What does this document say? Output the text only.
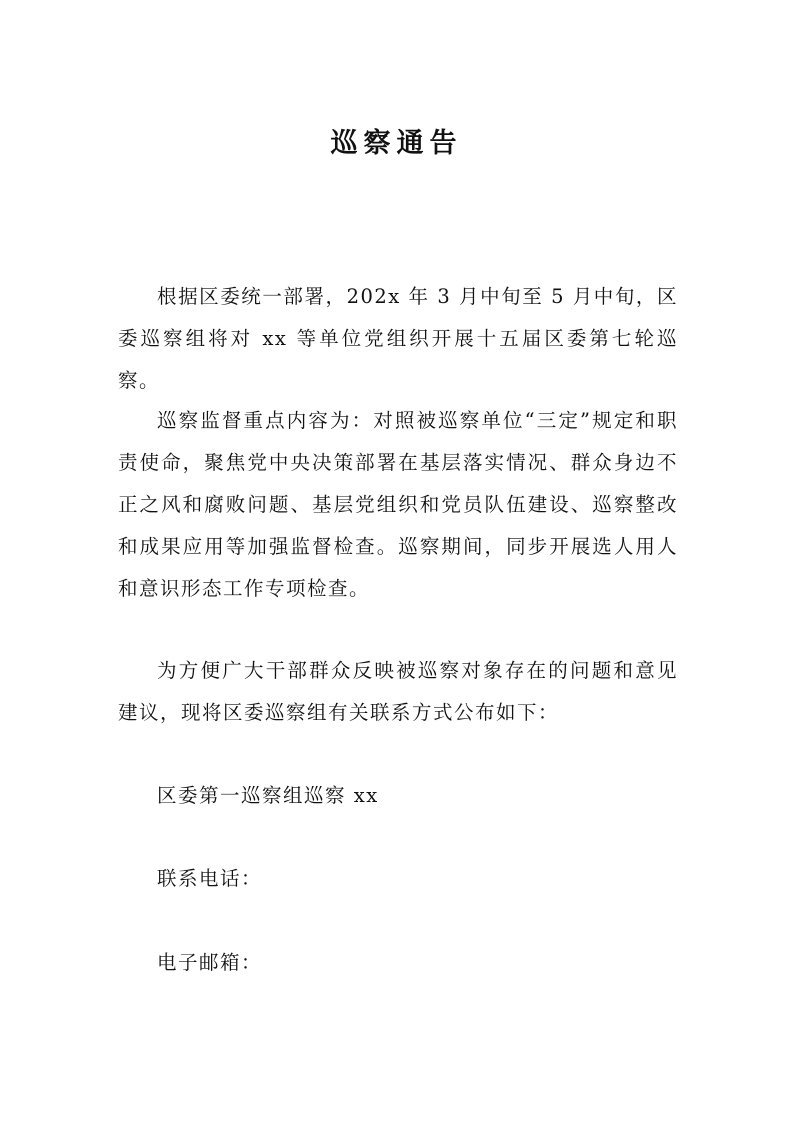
巡察通告

根据区委统一部署，202x 年 3 月中旬至 5 月中旬，区委巡察组将对 xx 等单位党组织开展十五届区委第七轮巡察。

巡察监督重点内容为：对照被巡察单位“三定”规定和职责使命，聚焦党中央决策部署在基层落实情况、群众身边不正之风和腐败问题、基层党组织和党员队伍建设、巡察整改和成果应用等加强监督检查。巡察期间，同步开展选人用人和意识形态工作专项检查。

为方便广大干部群众反映被巡察对象存在的问题和意见建议，现将区委巡察组有关联系方式公布如下：

区委第一巡察组巡察 xx

联系电话：

电子邮箱：
